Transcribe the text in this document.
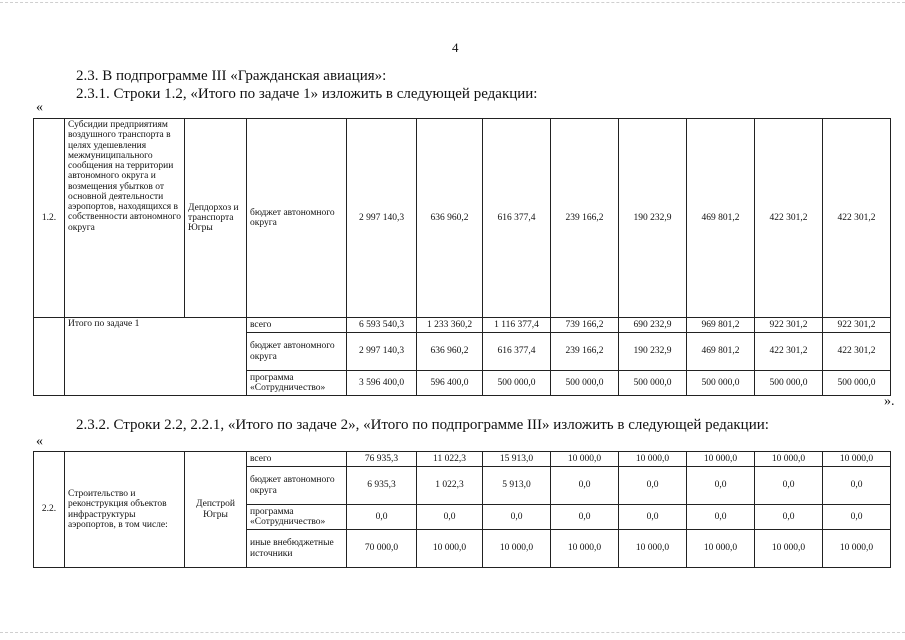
4
2.3. В подпрограмме III «Гражданская авиация»:
2.3.1. Строки 1.2, «Итого по задаче 1» изложить в следующей редакции:
«
1.2.	Субсидии предприятиям воздушного транспорта в целях удешевления межмуниципального сообщения на территории автономного округа и возмещения убытков от основной деятельности аэропортов, находящихся в собственности автономного округа	Депдорхоз и транспорта Югры	бюджет автономного округа	2 997 140,3	636 960,2	616 377,4	239 166,2	190 232,9	469 801,2	422 301,2	422 301,2
	Итого по задаче 1		всего	6 593 540,3	1 233 360,2	1 116 377,4	739 166,2	690 232,9	969 801,2	922 301,2	922 301,2
			бюджет автономного округа	2 997 140,3	636 960,2	616 377,4	239 166,2	190 232,9	469 801,2	422 301,2	422 301,2
			программа «Сотрудничество»	3 596 400,0	596 400,0	500 000,0	500 000,0	500 000,0	500 000,0	500 000,0	500 000,0
».
2.3.2. Строки 2.2, 2.2.1, «Итого по задаче 2», «Итого по подпрограмме III» изложить в следующей редакции:
«
2.2.	Строительство и реконструкция объектов инфраструктуры аэропортов, в том числе:	Депстрой Югры	всего	76 935,3	11 022,3	15 913,0	10 000,0	10 000,0	10 000,0	10 000,0	10 000,0
			бюджет автономного округа	6 935,3	1 022,3	5 913,0	0,0	0,0	0,0	0,0	0,0
			программа «Сотрудничество»	0,0	0,0	0,0	0,0	0,0	0,0	0,0	0,0
			иные внебюджетные источники	70 000,0	10 000,0	10 000,0	10 000,0	10 000,0	10 000,0	10 000,0	10 000,0
